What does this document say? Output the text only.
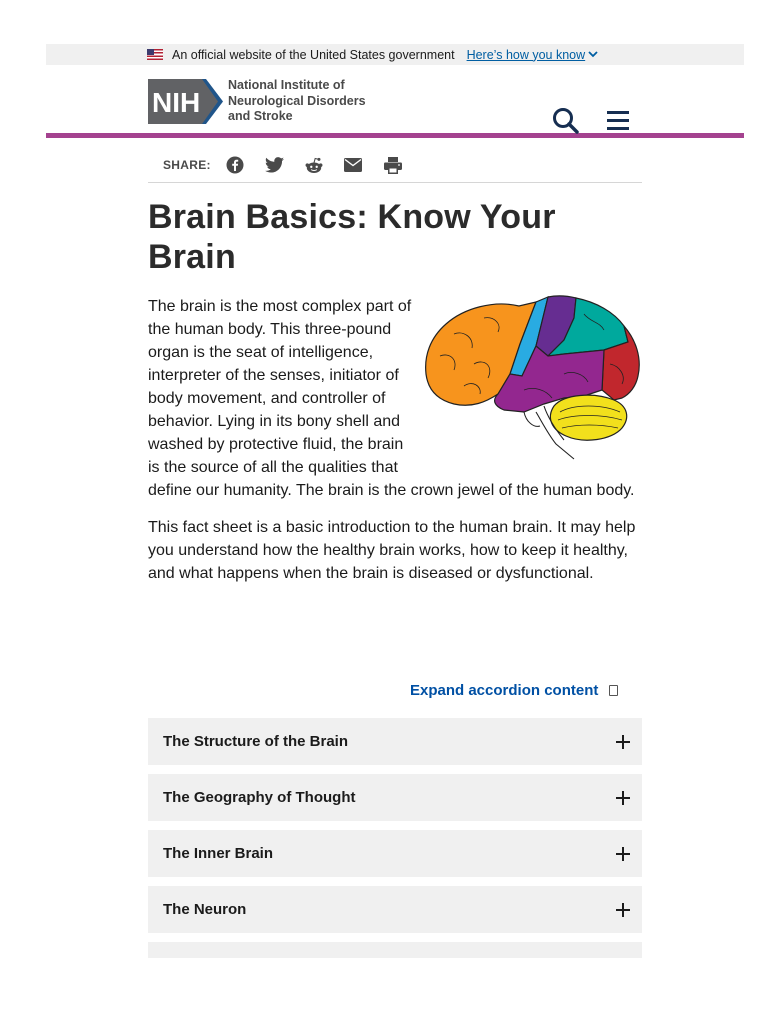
An official website of the United States government Here’s how you know
NIH
National Institute of
Neurological Disorders
and Stroke
SHARE:
Brain Basics: Know Your Brain

The brain is the most complex part of the human body. This three-pound organ is the seat of intelligence, interpreter of the senses, initiator of body movement, and controller of behavior. Lying in its bony shell and washed by protective fluid, the brain is the source of all the qualities that define our humanity. The brain is the crown jewel of the human body.

This fact sheet is a basic introduction to the human brain. It may help you understand how the healthy brain works, how to keep it healthy, and what happens when the brain is diseased or dysfunctional.

Expand accordion content
The Structure of the Brain
The Geography of Thought
The Inner Brain
The Neuron
